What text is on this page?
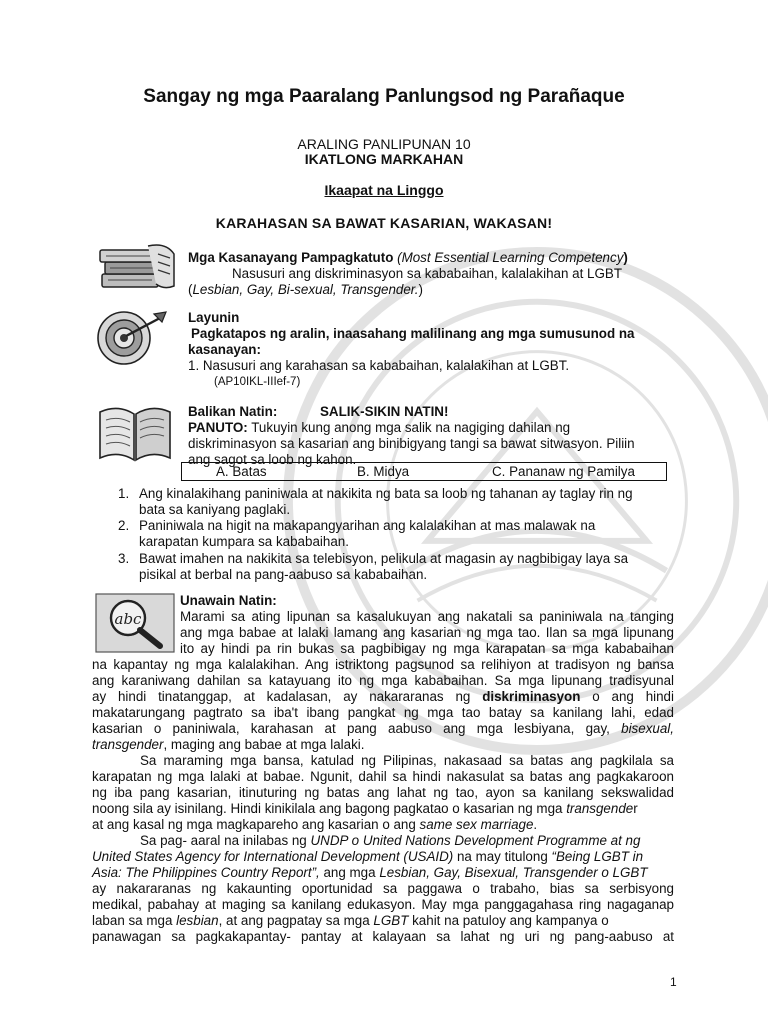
Sangay ng mga Paaralang Panlungsod ng Parañaque
ARALING PANLIPUNAN 10
IKATLONG MARKAHAN
Ikaapat na Linggo
KARAHASAN SA BAWAT KASARIAN, WAKASAN!
abc
Mga Kasanayang Pampagkatuto (Most Essential Learning Competency)
Nasusuri ang diskriminasyon sa kababaihan, kalalakihan at LGBT
(Lesbian, Gay, Bi-sexual, Transgender.)
Layunin
Pagkatapos ng aralin, inaasahang malilinang ang mga sumusunod na
kasanayan:
1. Nasusuri ang karahasan sa kababaihan, kalalakihan at LGBT.
(AP10IKL-IIIef-7)
Balikan Natin:	SALIK-SIKIN NATIN!
PANUTO: Tukuyin kung anong mga salik na nagiging dahilan ng
diskriminasyon sa kasarian ang binibigyang tangi sa bawat sitwasyon. Piliin
ang sagot sa loob ng kahon.
A. Batas	B. Midya	C. Pananaw ng Pamilya
1. Ang kinalakihang paniniwala at nakikita ng bata sa loob ng tahanan ay taglay rin ng
bata sa kaniyang paglaki.
2. Paniniwala na higit na makapangyarihan ang kalalakihan at mas malawak na
karapatan kumpara sa kababaihan.
3. Bawat imahen na nakikita sa telebisyon, pelikula at magasin ay nagbibigay laya sa
pisikal at berbal na pang-aabuso sa kababaihan.
Unawain Natin:
Marami sa ating lipunan sa kasalukuyan ang nakatali sa paniniwala na tanging
ang mga babae at lalaki lamang ang kasarian ng mga tao. Ilan sa mga lipunang
ito ay hindi pa rin bukas sa pagbibigay ng mga karapatan sa mga kababaihan
na kapantay ng mga kalalakihan. Ang istriktong pagsunod sa relihiyon at tradisyon ng bansa
ang karaniwang dahilan sa katayuang ito ng mga kababaihan. Sa mga lipunang tradisyunal
ay hindi tinatanggap, at kadalasan, ay nakararanas ng diskriminasyon o ang hindi
makatarungang pagtrato sa iba't ibang pangkat ng mga tao batay sa kanilang lahi, edad
kasarian o paniniwala, karahasan at pang aabuso ang mga lesbiyana, gay, bisexual,
transgender, maging ang babae at mga lalaki.
Sa maraming mga bansa, katulad ng Pilipinas, nakasaad sa batas ang pagkilala sa
karapatan ng mga lalaki at babae. Ngunit, dahil sa hindi nakasulat sa batas ang pagkakaroon
ng iba pang kasarian, itinuturing ng batas ang lahat ng tao, ayon sa kanilang sekswalidad
noong sila ay isinilang. Hindi kinikilala ang bagong pagkatao o kasarian ng mga transgender
at ang kasal ng mga magkapareho ang kasarian o ang same sex marriage.
Sa pag- aaral na inilabas ng UNDP o United Nations Development Programme at ng
United States Agency for International Development (USAID) na may titulong “Being LGBT in
Asia: The Philippines Country Report”, ang mga Lesbian, Gay, Bisexual, Transgender o LGBT
ay nakararanas ng kakaunting oportunidad sa paggawa o trabaho, bias sa serbisyong
medikal, pabahay at maging sa kanilang edukasyon. May mga panggagahasa ring nagaganap
laban sa mga lesbian, at ang pagpatay sa mga LGBT kahit na patuloy ang kampanya o
panawagan sa pagkakapantay- pantay at kalayaan sa lahat ng uri ng pang-aabuso at
1
